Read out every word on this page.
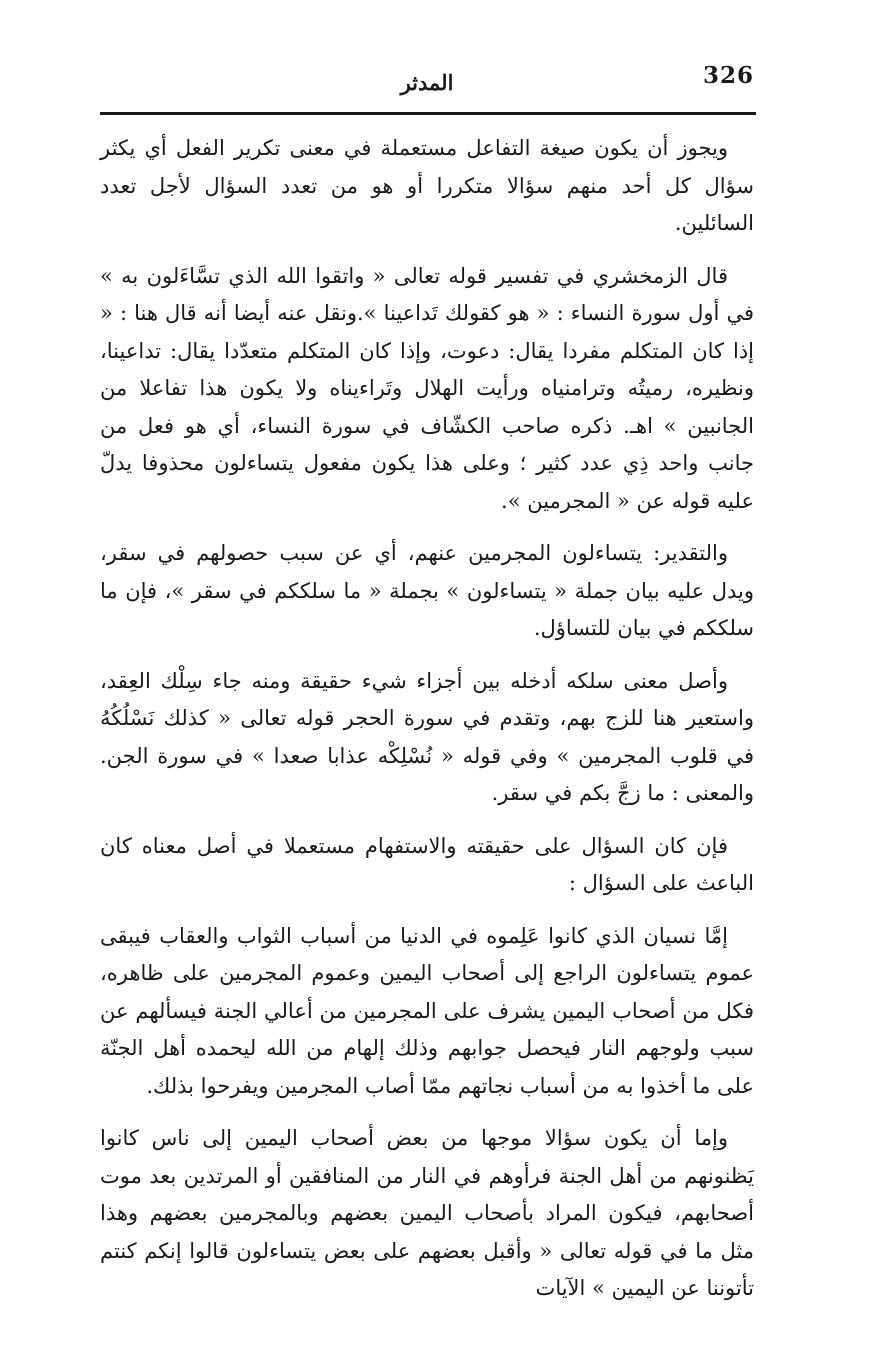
326
المدثر

ويجوز أن يكون صيغة التفاعل مستعملة في معنى تكرير الفعل أي يكثر سؤال كل أحد منهم سؤالا متكررا أو هو من تعدد السؤال لأجل تعدد السائلين.

قال الزمخشري في تفسير قوله تعالى « واتقوا الله الذي تسَّاءَلون به » في أول سورة النساء : « هو كقولك تَداعينا ».ونقل عنه أيضا أنه قال هنا : « إذا كان المتكلم مفردا يقال: دعوت، وإذا كان المتكلم متعدّدا يقال: تداعينا، ونظيره، رميتُه وترامنياه ورأيت الهلال وتَراءيناه ولا يكون هذا تفاعلا من الجانبين » اهـ. ذكره صاحب الكشّاف في سورة النساء، أي هو فعل من جانب واحد ذِي عدد كثير ؛ وعلى هذا يكون مفعول يتساءلون محذوفا يدلّ عليه قوله عن « المجرمين ».

والتقدير: يتساءلون المجرمين عنهم، أي عن سبب حصولهم في سقر، ويدل عليه بيان جملة « يتساءلون » بجملة « ما سلككم في سقر »، فإن ما سلككم في بيان للتساؤل.

وأصل معنى سلكه أدخله بين أجزاء شيء حقيقة ومنه جاء سِلْك العِقد، واستعير هنا للزج بهم، وتقدم في سورة الحجر قوله تعالى « كذلك نَسْلُكُهُ في قلوب المجرمين » وفي قوله « نُسْلِكْه عذابا صعدا » في سورة الجن. والمعنى : ما زجَّ بكم في سقر.

فإن كان السؤال على حقيقته والاستفهام مستعملا في أصل معناه كان الباعث على السؤال :

إمَّا نسيان الذي كانوا عَلِموه في الدنيا من أسباب الثواب والعقاب فيبقى عموم يتساءلون الراجع إلى أصحاب اليمين وعموم المجرمين على ظاهره، فكل من أصحاب اليمين يشرف على المجرمين من أعالي الجنة فيسألهم عن سبب ولوجهم النار فيحصل جوابهم وذلك إلهام من الله ليحمده أهل الجنّة على ما أخذوا به من أسباب نجاتهم ممّا أصاب المجرمين ويفرحوا بذلك.

وإما أن يكون سؤالا موجها من بعض أصحاب اليمين إلى ناس كانوا يَظنونهم من أهل الجنة فرأوهم في النار من المنافقين أو المرتدين بعد موت أصحابهم، فيكون المراد بأصحاب اليمين بعضهم وبالمجرمين بعضهم وهذا مثل ما في قوله تعالى « وأقبل بعضهم على بعض يتساءلون قالوا إنكم كنتم تأتوننا عن اليمين » الآيات
